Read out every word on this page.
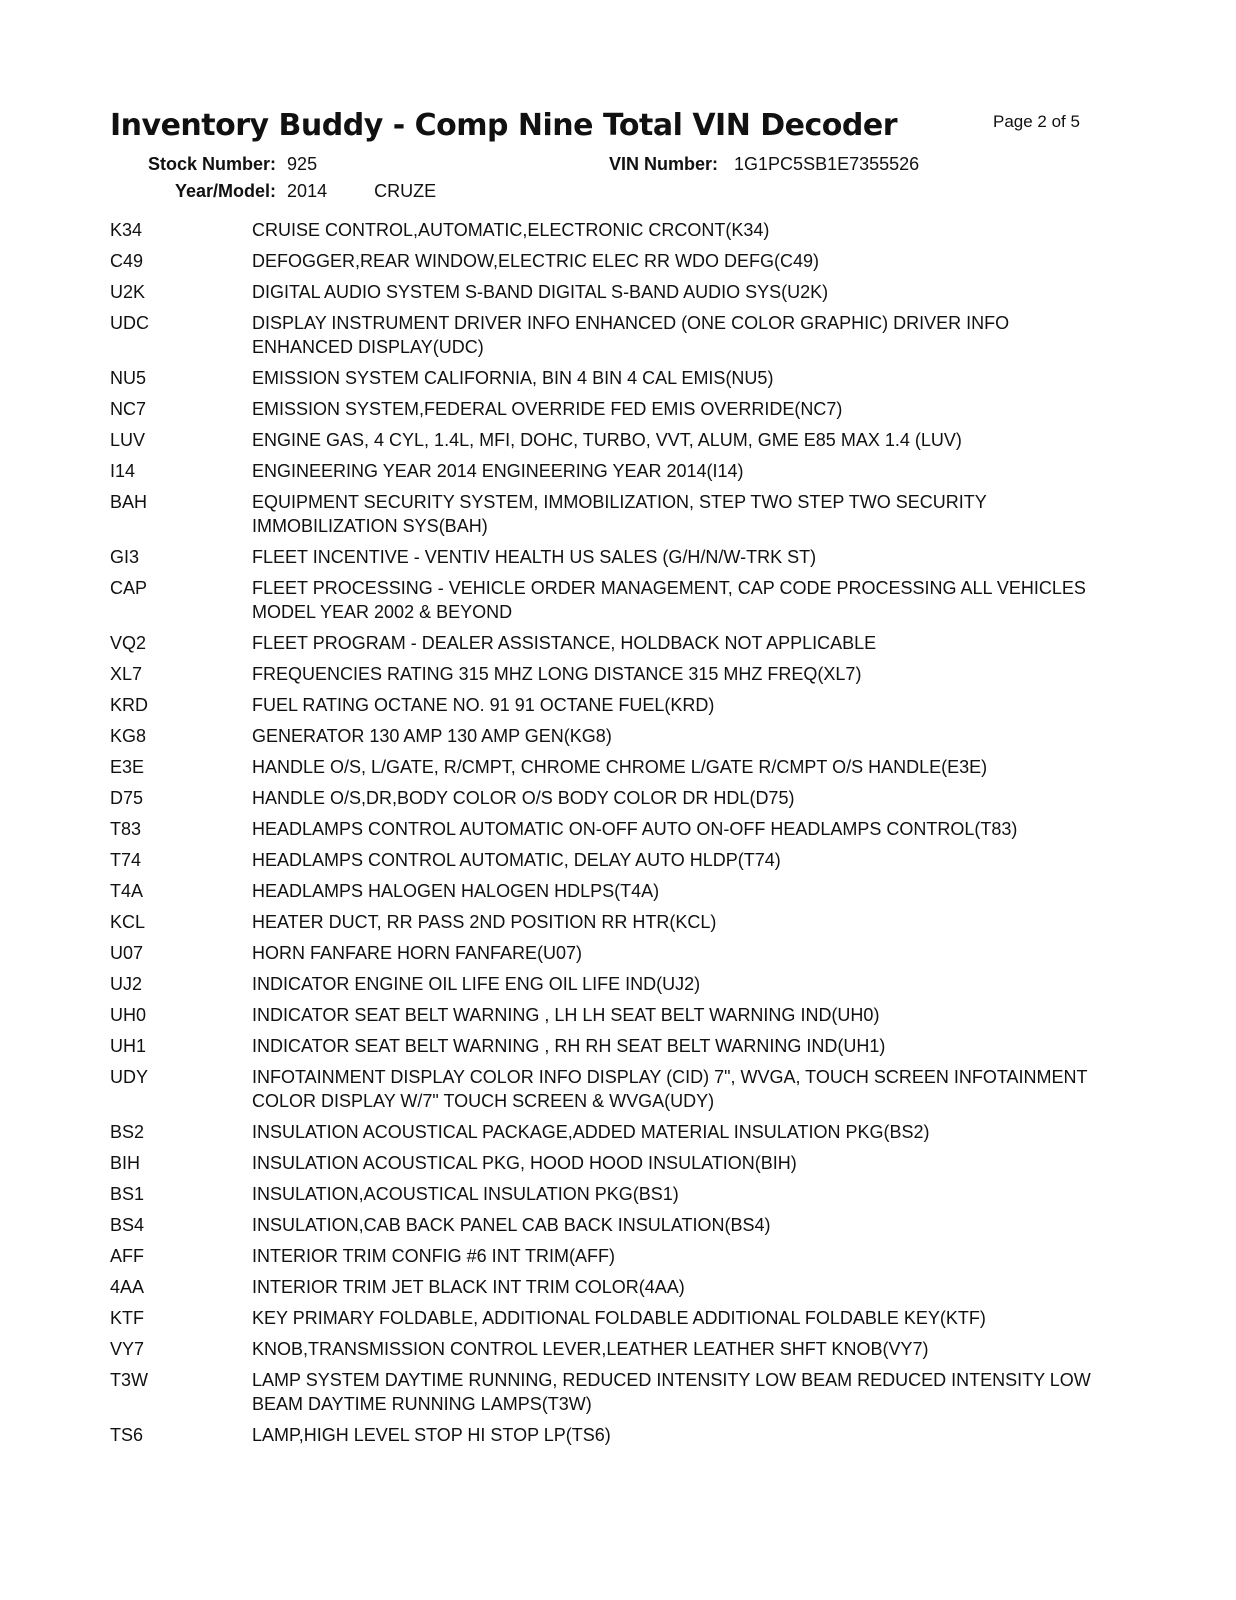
Inventory Buddy - Comp Nine Total VIN Decoder	Page 2 of 5
Stock Number: 925	VIN Number: 1G1PC5SB1E7355526
Year/Model: 2014	CRUZE
K34	CRUISE CONTROL,AUTOMATIC,ELECTRONIC CRCONT(K34)
C49	DEFOGGER,REAR WINDOW,ELECTRIC ELEC RR WDO DEFG(C49)
U2K	DIGITAL AUDIO SYSTEM S-BAND DIGITAL S-BAND AUDIO SYS(U2K)
UDC	DISPLAY INSTRUMENT DRIVER INFO ENHANCED (ONE COLOR GRAPHIC) DRIVER INFO ENHANCED DISPLAY(UDC)
NU5	EMISSION SYSTEM CALIFORNIA, BIN 4 BIN 4 CAL EMIS(NU5)
NC7	EMISSION SYSTEM,FEDERAL OVERRIDE FED EMIS OVERRIDE(NC7)
LUV	ENGINE GAS, 4 CYL, 1.4L, MFI, DOHC, TURBO, VVT, ALUM, GME E85 MAX 1.4 (LUV)
I14	ENGINEERING YEAR 2014 ENGINEERING YEAR 2014(I14)
BAH	EQUIPMENT SECURITY SYSTEM, IMMOBILIZATION, STEP TWO STEP TWO SECURITY IMMOBILIZATION SYS(BAH)
GI3	FLEET INCENTIVE - VENTIV HEALTH US SALES (G/H/N/W-TRK ST)
CAP	FLEET PROCESSING - VEHICLE ORDER MANAGEMENT, CAP CODE PROCESSING ALL VEHICLES MODEL YEAR 2002 & BEYOND
VQ2	FLEET PROGRAM - DEALER ASSISTANCE, HOLDBACK NOT APPLICABLE
XL7	FREQUENCIES RATING 315 MHZ LONG DISTANCE 315 MHZ FREQ(XL7)
KRD	FUEL RATING OCTANE NO. 91 91 OCTANE FUEL(KRD)
KG8	GENERATOR 130 AMP 130 AMP GEN(KG8)
E3E	HANDLE O/S, L/GATE, R/CMPT, CHROME CHROME L/GATE R/CMPT O/S HANDLE(E3E)
D75	HANDLE O/S,DR,BODY COLOR O/S BODY COLOR DR HDL(D75)
T83	HEADLAMPS CONTROL AUTOMATIC ON-OFF AUTO ON-OFF HEADLAMPS CONTROL(T83)
T74	HEADLAMPS CONTROL AUTOMATIC, DELAY AUTO HLDP(T74)
T4A	HEADLAMPS HALOGEN HALOGEN HDLPS(T4A)
KCL	HEATER DUCT, RR PASS 2ND POSITION RR HTR(KCL)
U07	HORN FANFARE HORN FANFARE(U07)
UJ2	INDICATOR ENGINE OIL LIFE ENG OIL LIFE IND(UJ2)
UH0	INDICATOR SEAT BELT WARNING , LH LH SEAT BELT WARNING IND(UH0)
UH1	INDICATOR SEAT BELT WARNING , RH RH SEAT BELT WARNING IND(UH1)
UDY	INFOTAINMENT DISPLAY COLOR INFO DISPLAY (CID) 7", WVGA, TOUCH SCREEN INFOTAINMENT COLOR DISPLAY W/7" TOUCH SCREEN & WVGA(UDY)
BS2	INSULATION ACOUSTICAL PACKAGE,ADDED MATERIAL INSULATION PKG(BS2)
BIH	INSULATION ACOUSTICAL PKG, HOOD HOOD INSULATION(BIH)
BS1	INSULATION,ACOUSTICAL INSULATION PKG(BS1)
BS4	INSULATION,CAB BACK PANEL CAB BACK INSULATION(BS4)
AFF	INTERIOR TRIM CONFIG #6 INT TRIM(AFF)
4AA	INTERIOR TRIM JET BLACK INT TRIM COLOR(4AA)
KTF	KEY PRIMARY FOLDABLE, ADDITIONAL FOLDABLE ADDITIONAL FOLDABLE KEY(KTF)
VY7	KNOB,TRANSMISSION CONTROL LEVER,LEATHER LEATHER SHFT KNOB(VY7)
T3W	LAMP SYSTEM DAYTIME RUNNING, REDUCED INTENSITY LOW BEAM REDUCED INTENSITY LOW BEAM DAYTIME RUNNING LAMPS(T3W)
TS6	LAMP,HIGH LEVEL STOP HI STOP LP(TS6)
